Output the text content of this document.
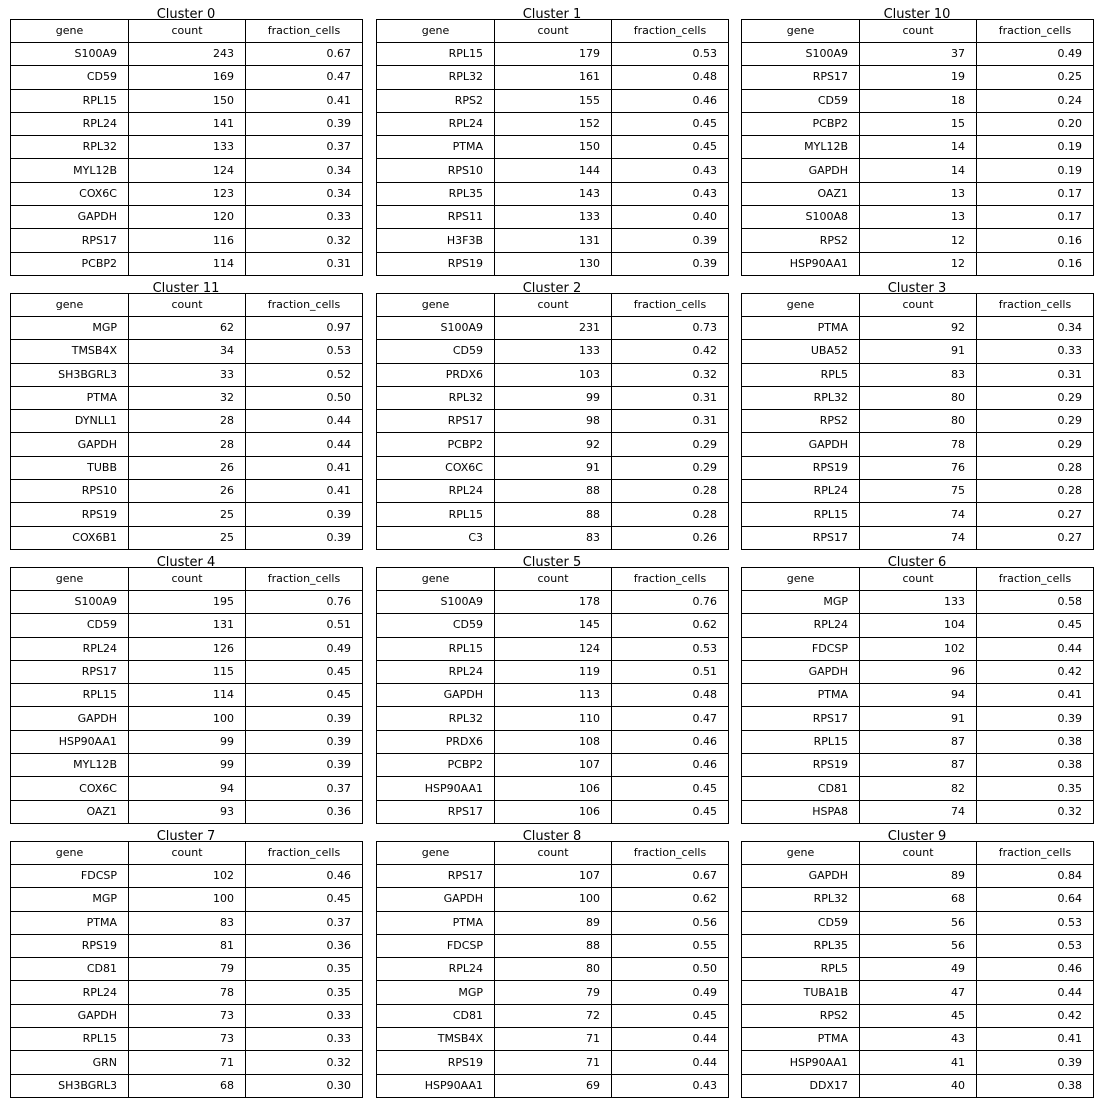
gene	count	fraction_cells
S100A9	243	0.67
CD59	169	0.47
RPL15	150	0.41
RPL24	141	0.39
RPL32	133	0.37
MYL12B	124	0.34
COX6C	123	0.34
GAPDH	120	0.33
RPS17	116	0.32
PCBP2	114	0.31
Cluster 0
gene	count	fraction_cells
RPL15	179	0.53
RPL32	161	0.48
RPS2	155	0.46
RPL24	152	0.45
PTMA	150	0.45
RPS10	144	0.43
RPL35	143	0.43
RPS11	133	0.40
H3F3B	131	0.39
RPS19	130	0.39
Cluster 1
gene	count	fraction_cells
S100A9	37	0.49
RPS17	19	0.25
CD59	18	0.24
PCBP2	15	0.20
MYL12B	14	0.19
GAPDH	14	0.19
OAZ1	13	0.17
S100A8	13	0.17
RPS2	12	0.16
HSP90AA1	12	0.16
Cluster 10
gene	count	fraction_cells
MGP	62	0.97
TMSB4X	34	0.53
SH3BGRL3	33	0.52
PTMA	32	0.50
DYNLL1	28	0.44
GAPDH	28	0.44
TUBB	26	0.41
RPS10	26	0.41
RPS19	25	0.39
COX6B1	25	0.39
Cluster 11
gene	count	fraction_cells
S100A9	231	0.73
CD59	133	0.42
PRDX6	103	0.32
RPL32	99	0.31
RPS17	98	0.31
PCBP2	92	0.29
COX6C	91	0.29
RPL24	88	0.28
RPL15	88	0.28
C3	83	0.26
Cluster 2
gene	count	fraction_cells
PTMA	92	0.34
UBA52	91	0.33
RPL5	83	0.31
RPL32	80	0.29
RPS2	80	0.29
GAPDH	78	0.29
RPS19	76	0.28
RPL24	75	0.28
RPL15	74	0.27
RPS17	74	0.27
Cluster 3
gene	count	fraction_cells
S100A9	195	0.76
CD59	131	0.51
RPL24	126	0.49
RPS17	115	0.45
RPL15	114	0.45
GAPDH	100	0.39
HSP90AA1	99	0.39
MYL12B	99	0.39
COX6C	94	0.37
OAZ1	93	0.36
Cluster 4
gene	count	fraction_cells
S100A9	178	0.76
CD59	145	0.62
RPL15	124	0.53
RPL24	119	0.51
GAPDH	113	0.48
RPL32	110	0.47
PRDX6	108	0.46
PCBP2	107	0.46
HSP90AA1	106	0.45
RPS17	106	0.45
Cluster 5
gene	count	fraction_cells
MGP	133	0.58
RPL24	104	0.45
FDCSP	102	0.44
GAPDH	96	0.42
PTMA	94	0.41
RPS17	91	0.39
RPL15	87	0.38
RPS19	87	0.38
CD81	82	0.35
HSPA8	74	0.32
Cluster 6
gene	count	fraction_cells
FDCSP	102	0.46
MGP	100	0.45
PTMA	83	0.37
RPS19	81	0.36
CD81	79	0.35
RPL24	78	0.35
GAPDH	73	0.33
RPL15	73	0.33
GRN	71	0.32
SH3BGRL3	68	0.30
Cluster 7
gene	count	fraction_cells
RPS17	107	0.67
GAPDH	100	0.62
PTMA	89	0.56
FDCSP	88	0.55
RPL24	80	0.50
MGP	79	0.49
CD81	72	0.45
TMSB4X	71	0.44
RPS19	71	0.44
HSP90AA1	69	0.43
Cluster 8
gene	count	fraction_cells
GAPDH	89	0.84
RPL32	68	0.64
CD59	56	0.53
RPL35	56	0.53
RPL5	49	0.46
TUBA1B	47	0.44
RPS2	45	0.42
PTMA	43	0.41
HSP90AA1	41	0.39
DDX17	40	0.38
Cluster 9
